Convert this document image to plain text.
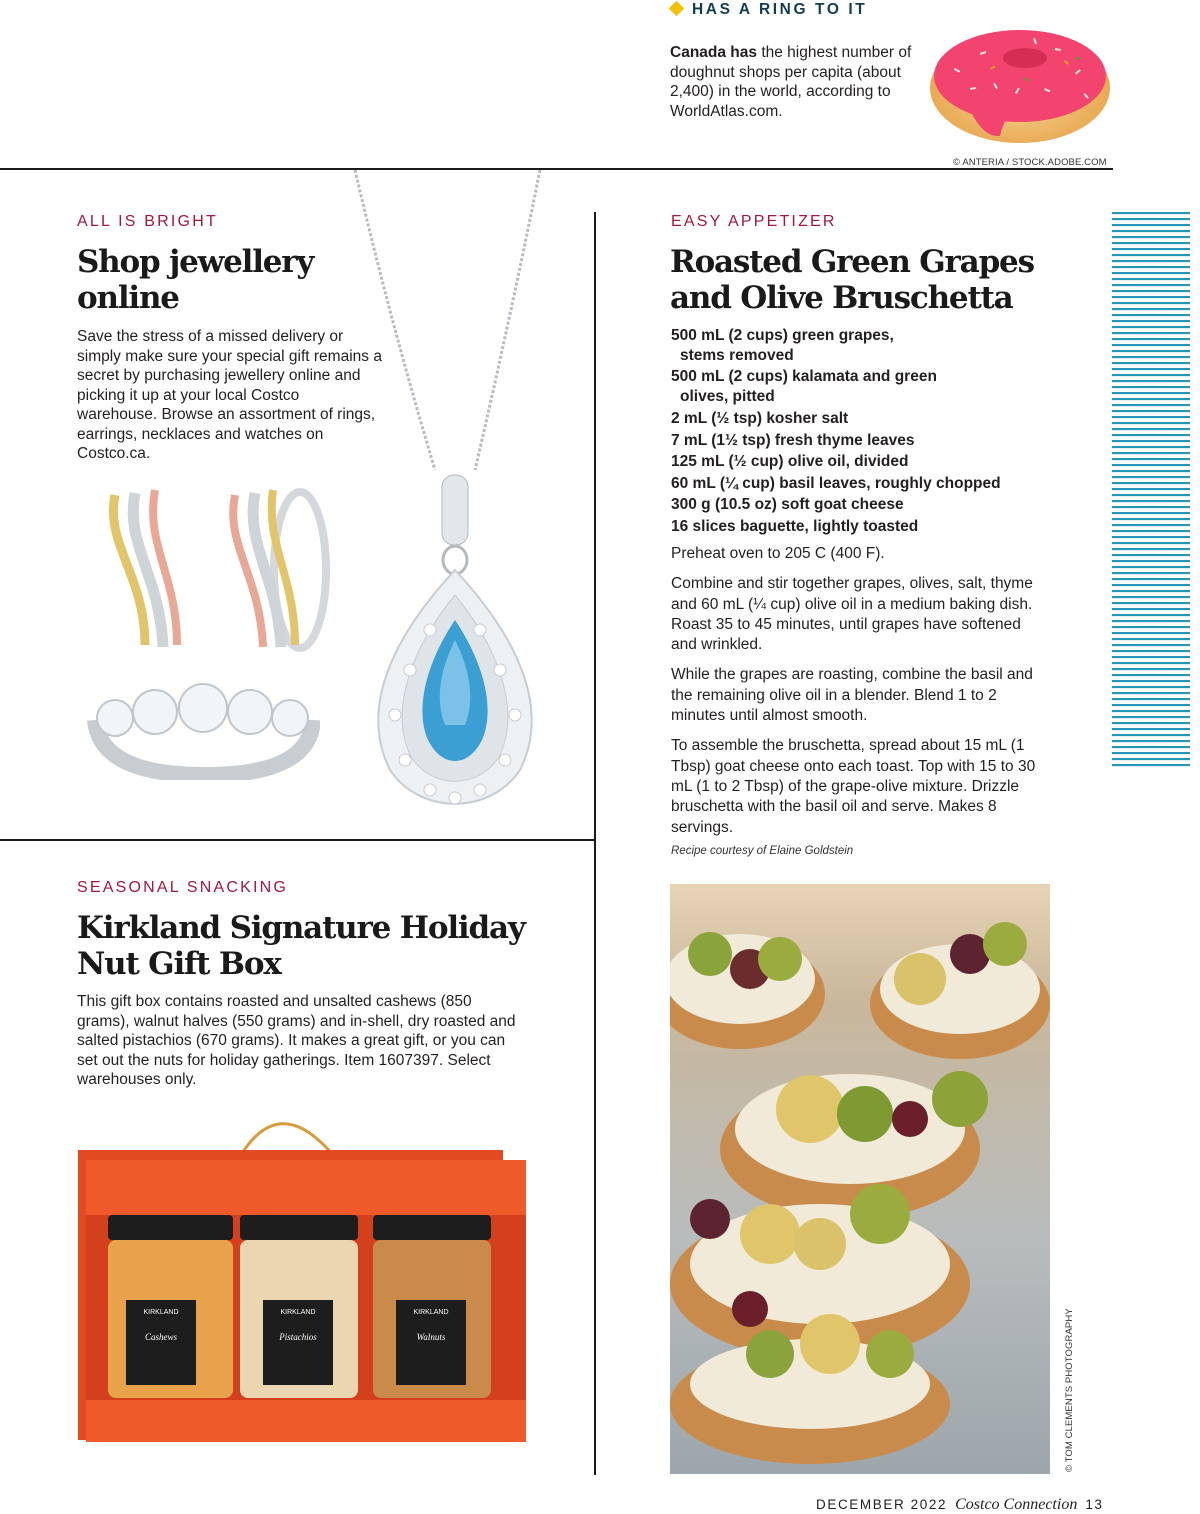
HAS A RING TO IT
Canada has the highest number of doughnut shops per capita (about 2,400) in the world, according to WorldAtlas.com.
© ANTERIA / STOCK.ADOBE.COM
ALL IS BRIGHT
Shop jewellery
online
Save the stress of a missed delivery or simply make sure your special gift remains a secret by purchasing jewellery online and picking it up at your local Costco warehouse. Browse an assortment of rings, earrings, necklaces and watches on Costco.ca.
EASY APPETIZER
Roasted Green Grapes
and Olive Bruschetta
500 mL (2 cups) green grapes,
stems removed
500 mL (2 cups) kalamata and green
olives, pitted
2 mL (½ tsp) kosher salt
7 mL (1½ tsp) fresh thyme leaves
125 mL (½ cup) olive oil, divided
60 mL (¼ cup) basil leaves, roughly chopped
300 g (10.5 oz) soft goat cheese
16 slices baguette, lightly toasted

Preheat oven to 205 C (400 F).

Combine and stir together grapes, olives, salt, thyme and 60 mL (¼ cup) olive oil in a medium baking dish. Roast 35 to 45 minutes, until grapes have softened and wrinkled.

While the grapes are roasting, combine the basil and the remaining olive oil in a blender. Blend 1 to 2 minutes until almost smooth.

To assemble the bruschetta, spread about 15 mL (1 Tbsp) goat cheese onto each toast. Top with 15 to 30 mL (1 to 2 Tbsp) of the grape-olive mixture. Drizzle bruschetta with the basil oil and serve. Makes 8 servings.

Recipe courtesy of Elaine Goldstein
© TOM CLEMENTS PHOTOGRAPHY
SEASONAL SNACKING
Kirkland Signature Holiday
Nut Gift Box
This gift box contains roasted and unsalted cashews (850 grams), walnut halves (550 grams) and in-shell, dry roasted and salted pistachios (670 grams). It makes a great gift, or you can set out the nuts for holiday gatherings. Item 1607397. Select warehouses only.
KIRKLAND
Cashews
KIRKLAND
Pistachios
KIRKLAND
Walnuts
DECEMBER 2022 Costco Connection 13
